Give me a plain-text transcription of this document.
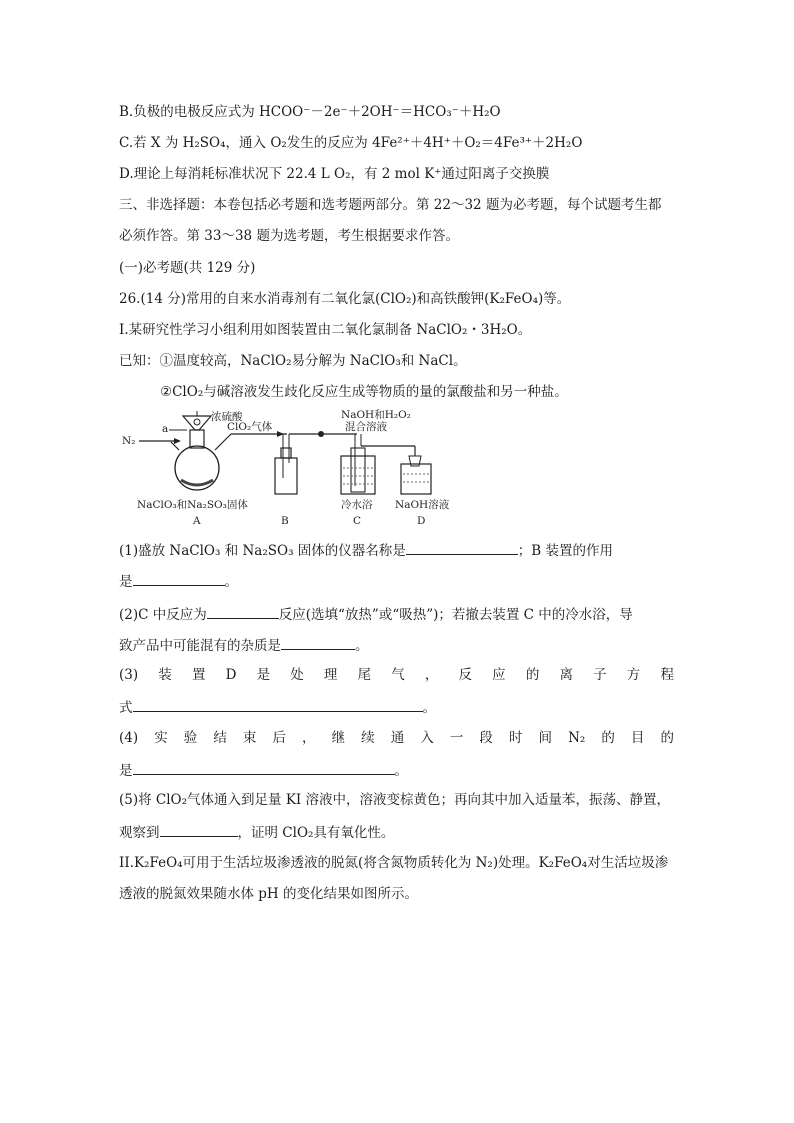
B.负极的电极反应式为 HCOO⁻－2e⁻＋2OH⁻＝HCO₃⁻＋H₂O
C.若 X 为 H₂SO₄，通入 O₂发生的反应为 4Fe²⁺＋4H⁺＋O₂＝4Fe³⁺＋2H₂O
D.理论上每消耗标准状况下 22.4 L O₂，有 2 mol K⁺通过阳离子交换膜
三、非选择题：本卷包括必考题和选考题两部分。第 22～32 题为必考题，每个试题考生都
必须作答。第 33～38 题为选考题，考生根据要求作答。
(一)必考题(共 129 分)
26.(14 分)常用的自来水消毒剂有二氧化氯(ClO₂)和高铁酸钾(K₂FeO₄)等。
I.某研究性学习小组利用如图装置由二氧化氯制备 NaClO₂・3H₂O。
已知：①温度较高，NaClO₂易分解为 NaClO₃和 NaCl。
②ClO₂与碱溶液发生歧化反应生成等物质的量的氯酸盐和另一种盐。
N₂
a
浓硫酸
ClO₂气体
NaOH和H₂O₂
混合溶液
NaClO₃和Na₂SO₃固体
A	B
冷水浴
C
NaOH溶液
D
(1)盛放 NaClO₃ 和 Na₂SO₃ 固体的仪器名称是	；B 装置的作用
是	。
(2)C 中反应为	反应(选填“放热”或“吸热”)；若撤去装置 C 中的冷水浴，导
致产品中可能混有的杂质是	。
(3) 装 置 D 是 处 理 尾 气 ， 反 应 的 离 子 方 程
式	。
(4) 实 验 结 束 后 ， 继 续 通 入 一 段 时 间 N₂ 的 目 的
是	。
(5)将 ClO₂气体通入到足量 KI 溶液中，溶液变棕黄色；再向其中加入适量苯，振荡、静置，
观察到	，证明 ClO₂具有氧化性。
II.K₂FeO₄可用于生活垃圾渗透液的脱氮(将含氮物质转化为 N₂)处理。K₂FeO₄对生活垃圾渗
透液的脱氮效果随水体 pH 的变化结果如图所示。
